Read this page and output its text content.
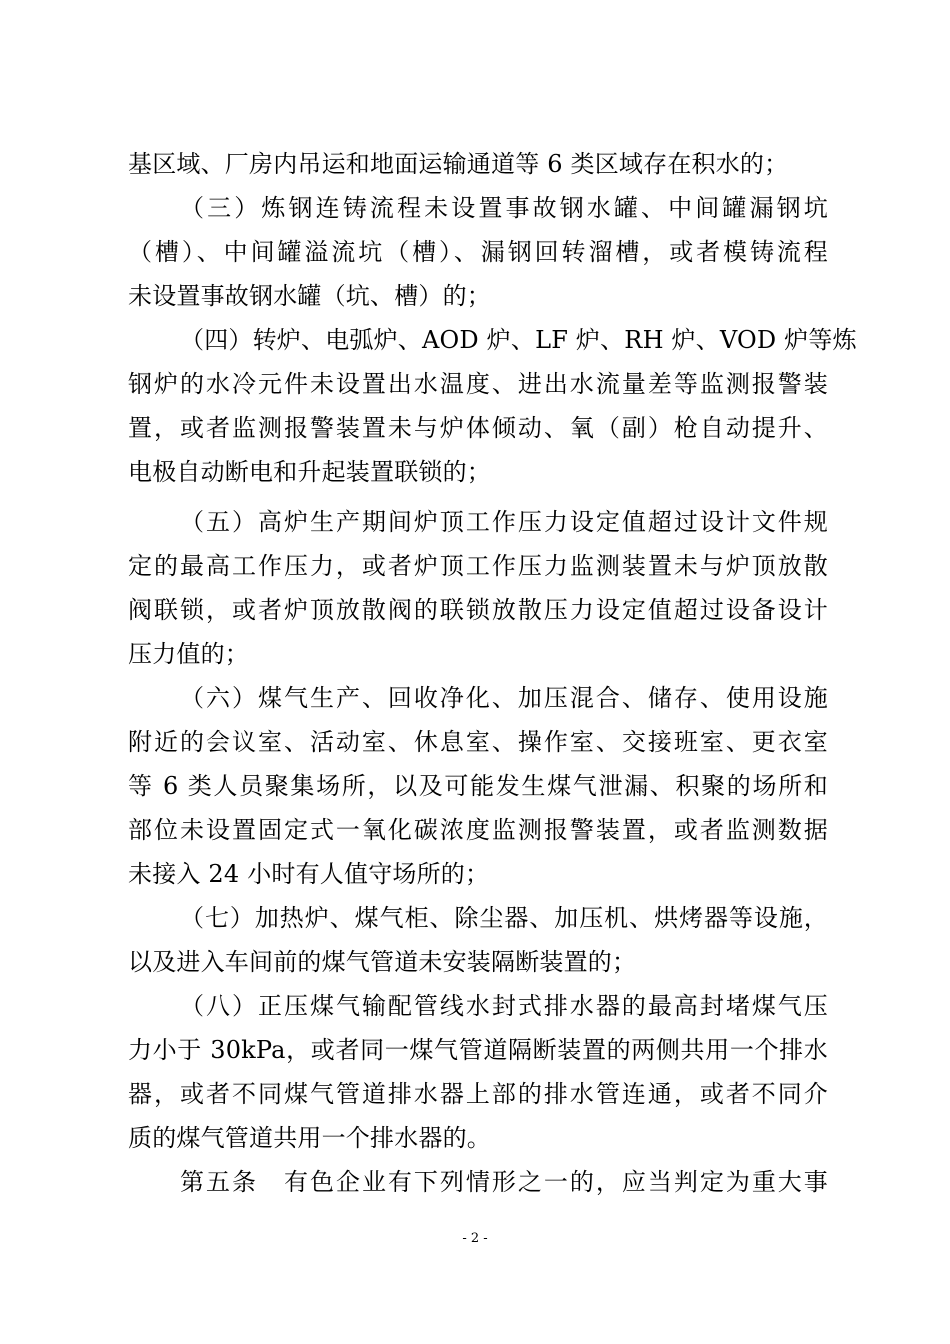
基区域、厂房内吊运和地面运输通道等 6 类区域存在积水的；
（三）炼钢连铸流程未设置事故钢水罐、中间罐漏钢坑
（槽）、中间罐溢流坑（槽）、漏钢回转溜槽，或者模铸流程
未设置事故钢水罐（坑、槽）的；
（四）转炉、电弧炉、AOD 炉、LF 炉、RH 炉、VOD 炉等炼
钢炉的水冷元件未设置出水温度、进出水流量差等监测报警装
置，或者监测报警装置未与炉体倾动、氧（副）枪自动提升、
电极自动断电和升起装置联锁的；
（五）高炉生产期间炉顶工作压力设定值超过设计文件规
定的最高工作压力，或者炉顶工作压力监测装置未与炉顶放散
阀联锁，或者炉顶放散阀的联锁放散压力设定值超过设备设计
压力值的；
（六）煤气生产、回收净化、加压混合、储存、使用设施
附近的会议室、活动室、休息室、操作室、交接班室、更衣室
等 6 类人员聚集场所，以及可能发生煤气泄漏、积聚的场所和
部位未设置固定式一氧化碳浓度监测报警装置，或者监测数据
未接入 24 小时有人值守场所的；
（七）加热炉、煤气柜、除尘器、加压机、烘烤器等设施，
以及进入车间前的煤气管道未安装隔断装置的；
（八）正压煤气输配管线水封式排水器的最高封堵煤气压
力小于 30kPa，或者同一煤气管道隔断装置的两侧共用一个排水
器，或者不同煤气管道排水器上部的排水管连通，或者不同介
质的煤气管道共用一个排水器的。
第五条　有色企业有下列情形之一的，应当判定为重大事
- 2 -
